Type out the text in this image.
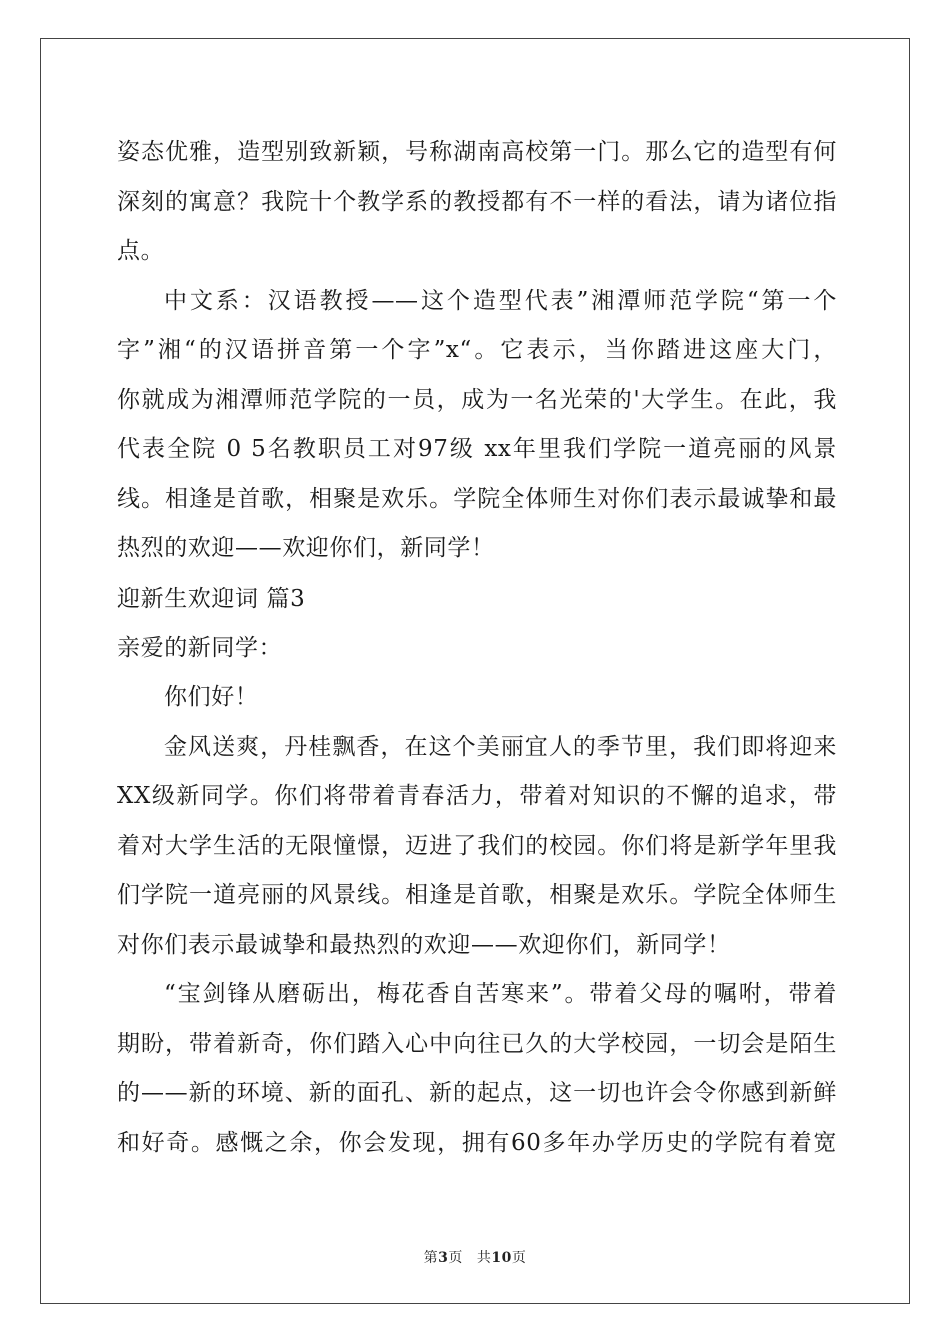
姿态优雅，造型别致新颖，号称湖南高校第一门。那么它的造型有何
深刻的寓意？我院十个教学系的教授都有不一样的看法，请为诸位指
点。
中文系：汉语教授——这个造型代表”湘潭师范学院“第一个
字”湘“的汉语拼音第一个字”x“。它表示，当你踏进这座大门，
你就成为湘潭师范学院的一员，成为一名光荣的'大学生。在此，我
代表全院 0 5名教职员工对97级 xx年里我们学院一道亮丽的风景
线。相逢是首歌，相聚是欢乐。学院全体师生对你们表示最诚挚和最
热烈的欢迎——欢迎你们，新同学！
迎新生欢迎词 篇3
亲爱的新同学：
你们好！
金风送爽，丹桂飘香，在这个美丽宜人的季节里，我们即将迎来
XX级新同学。你们将带着青春活力，带着对知识的不懈的追求，带
着对大学生活的无限憧憬，迈进了我们的校园。你们将是新学年里我
们学院一道亮丽的风景线。相逢是首歌，相聚是欢乐。学院全体师生
对你们表示最诚挚和最热烈的欢迎——欢迎你们，新同学！
“宝剑锋从磨砺出，梅花香自苦寒来”。带着父母的嘱咐，带着
期盼，带着新奇，你们踏入心中向往已久的大学校园，一切会是陌生
的——新的环境、新的面孔、新的起点，这一切也许会令你感到新鲜
和好奇。感慨之余，你会发现，拥有60多年办学历史的学院有着宽
第3页 共10页
